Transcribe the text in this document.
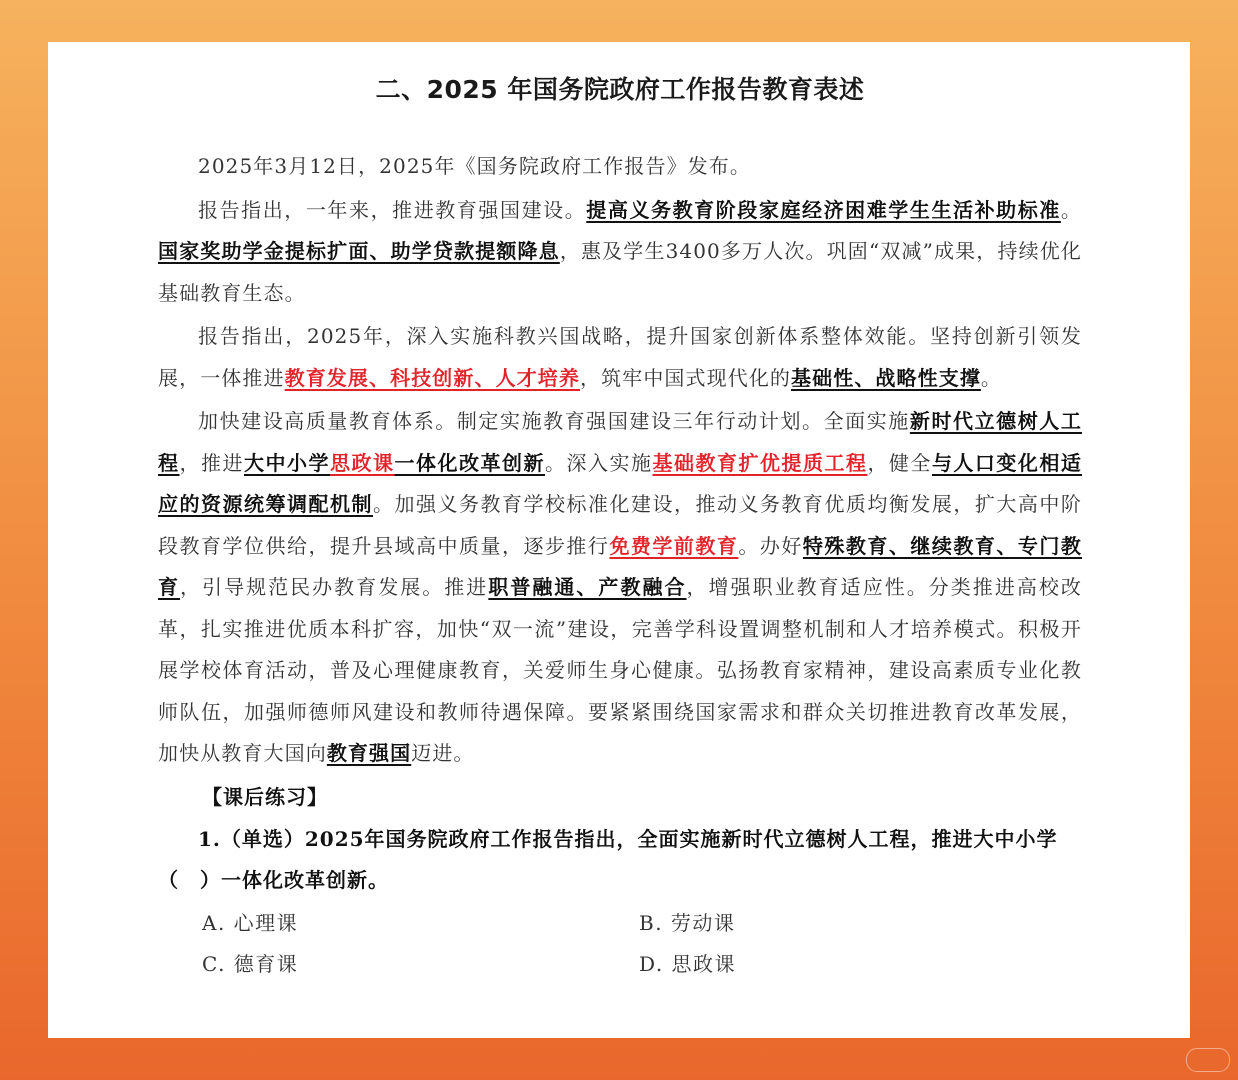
二、2025 年国务院政府工作报告教育表述

2025年3月12日，2025年《国务院政府工作报告》发布。

报告指出，一年来，推进教育强国建设。提高义务教育阶段家庭经济困难学生生活补助标准。国家奖助学金提标扩面、助学贷款提额降息，惠及学生3400多万人次。巩固“双减”成果，持续优化基础教育生态。

报告指出，2025年，深入实施科教兴国战略，提升国家创新体系整体效能。坚持创新引领发展，一体推进教育发展、科技创新、人才培养，筑牢中国式现代化的基础性、战略性支撑。

加快建设高质量教育体系。制定实施教育强国建设三年行动计划。全面实施新时代立德树人工程，推进大中小学思政课一体化改革创新。深入实施基础教育扩优提质工程，健全与人口变化相适应的资源统筹调配机制。加强义务教育学校标准化建设，推动义务教育优质均衡发展，扩大高中阶段教育学位供给，提升县域高中质量，逐步推行免费学前教育。办好特殊教育、继续教育、专门教育，引导规范民办教育发展。推进职普融通、产教融合，增强职业教育适应性。分类推进高校改革，扎实推进优质本科扩容，加快“双一流”建设，完善学科设置调整机制和人才培养模式。积极开展学校体育活动，普及心理健康教育，关爱师生身心健康。弘扬教育家精神，建设高素质专业化教师队伍，加强师德师风建设和教师待遇保障。要紧紧围绕国家需求和群众关切推进教育改革发展，加快从教育大国向教育强国迈进。

【课后练习】

1.（单选）2025年国务院政府工作报告指出，全面实施新时代立德树人工程，推进大中小学（　）一体化改革创新。

A. 心理课	B. 劳动课
C. 德育课	D. 思政课
